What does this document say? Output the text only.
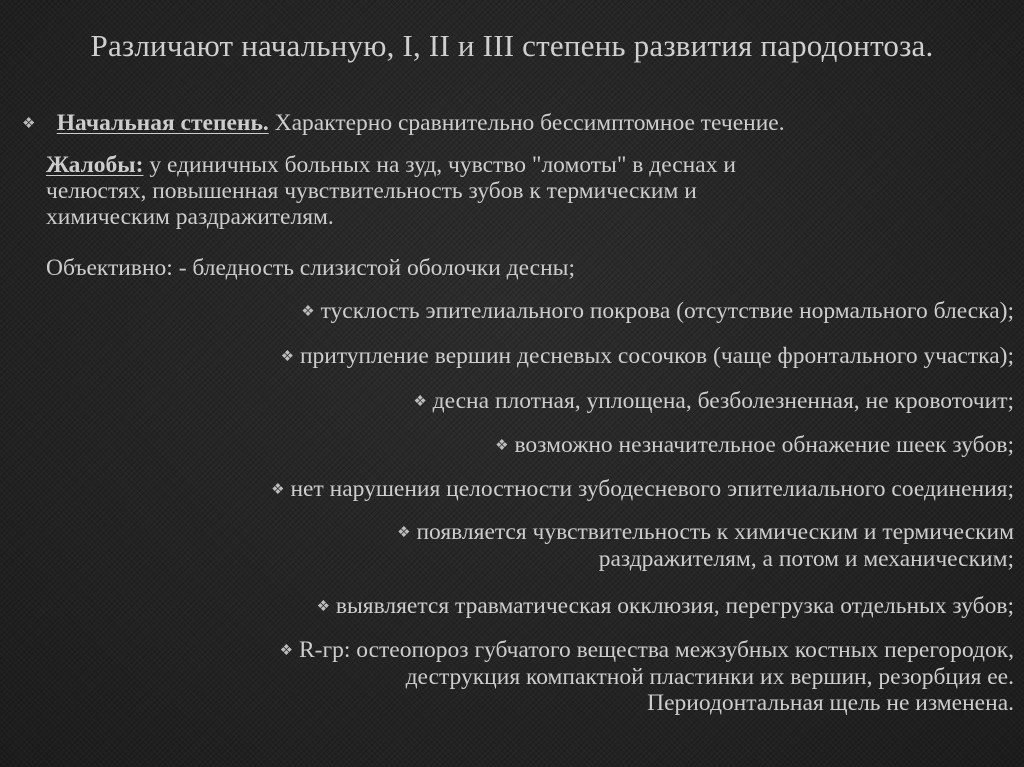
Различают начальную, I, II и III степень развития пародонтоза.
❖ Начальная степень. Характерно сравнительно бессимптомное течение.
Жалобы: у единичных больных на зуд, чувство "ломоты" в деснах и
челюстях, повышенная чувствительность зубов к термическим и
химическим раздражителям.
Объективно: - бледность слизистой оболочки десны;
❖ тусклость эпителиального покрова (отсутствие нормального блеска);
❖ притупление вершин десневых сосочков (чаще фронтального участка);
❖ десна плотная, уплощена, безболезненная, не кровоточит;
❖ возможно незначительное обнажение шеек зубов;
❖ нет нарушения целостности зубодесневого эпителиального соединения;
❖ появляется чувствительность к химическим и термическим
раздражителям, а потом и механическим;
❖ выявляется травматическая окклюзия, перегрузка отдельных зубов;
❖ R-гр: остеопороз губчатого вещества межзубных костных перегородок,
деструкция компактной пластинки их вершин, резорбция ее.
Периодонтальная щель не изменена.
